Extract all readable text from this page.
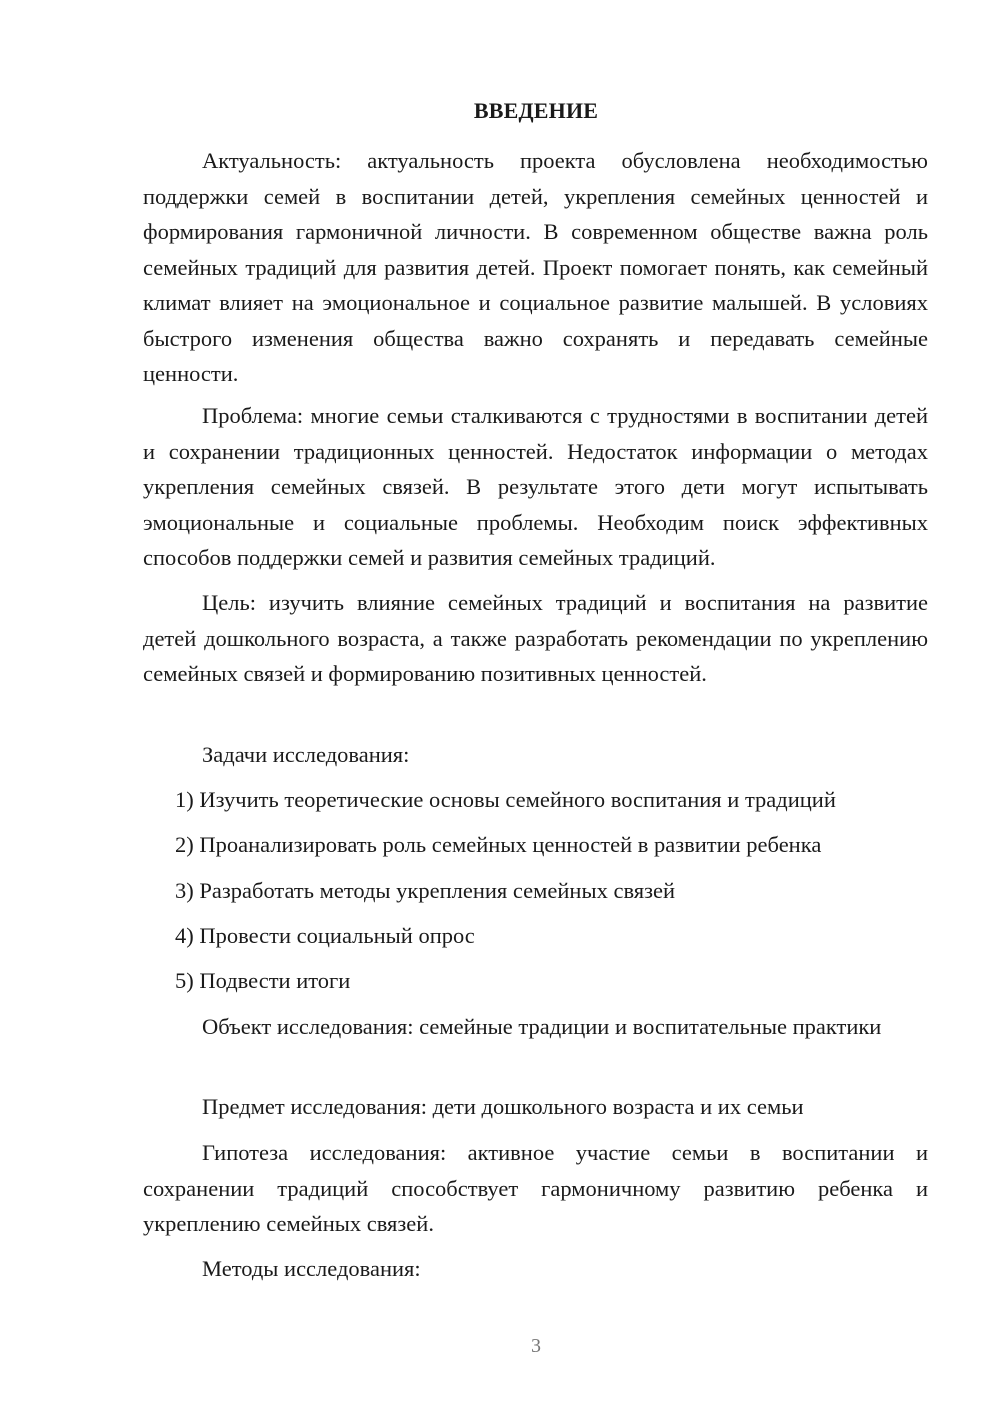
ВВЕДЕНИЕ
Актуальность: актуальность проекта обусловлена необходимостью поддержки семей в воспитании детей, укрепления семейных ценностей и формирования гармоничной личности. В современном обществе важна роль семейных традиций для развития детей. Проект помогает понять, как семейный климат влияет на эмоциональное и социальное развитие малышей. В условиях быстрого изменения общества важно сохранять и передавать семейные ценности.
Проблема: многие семьи сталкиваются с трудностями в воспитании детей и сохранении традиционных ценностей. Недостаток информации о методах укрепления семейных связей. В результате этого дети могут испытывать эмоциональные и социальные проблемы. Необходим поиск эффективных способов поддержки семей и развития семейных традиций.
Цель: изучить влияние семейных традиций и воспитания на развитие детей дошкольного возраста, а также разработать рекомендации по укреплению семейных связей и формированию позитивных ценностей.
Задачи исследования:
1) Изучить теоретические основы семейного воспитания и традиций
2) Проанализировать роль семейных ценностей в развитии ребенка
3) Разработать методы укрепления семейных связей
4) Провести социальный опрос
5) Подвести итоги
Объект исследования: семейные традиции и воспитательные практики
Предмет исследования: дети дошкольного возраста и их семьи
Гипотеза исследования: активное участие семьи в воспитании и сохранении традиций способствует гармоничному развитию ребенка и укреплению семейных связей.
Методы исследования:
3
